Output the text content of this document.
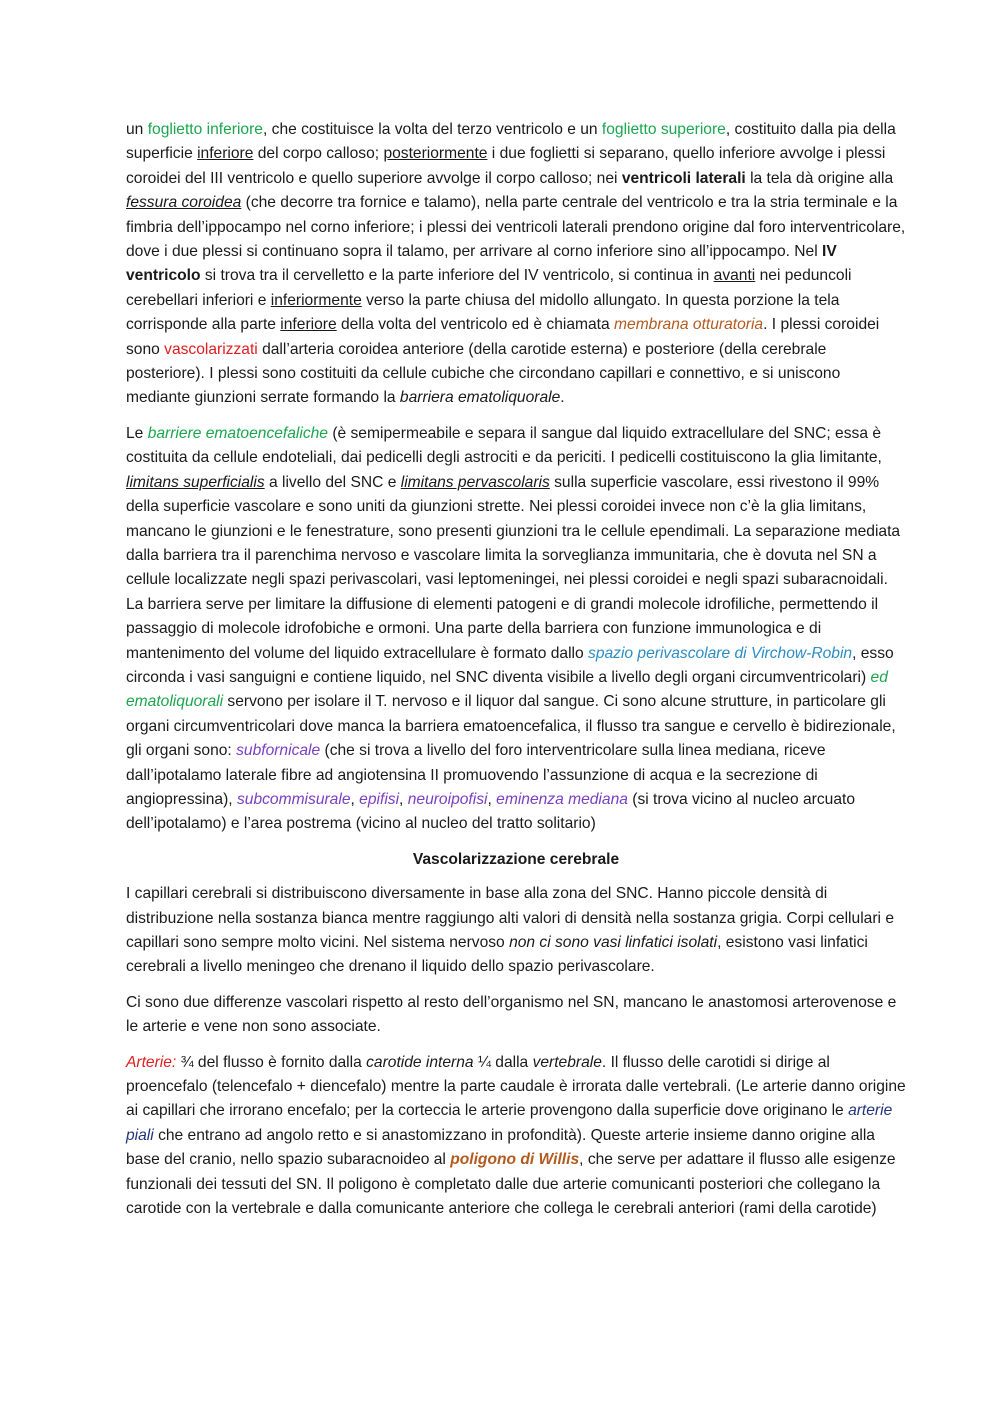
un foglietto inferiore, che costituisce la volta del terzo ventricolo e un foglietto superiore, costituito dalla pia della superficie inferiore del corpo calloso; posteriormente i due foglietti si separano, quello inferiore avvolge i plessi coroidei del III ventricolo e quello superiore avvolge il corpo calloso; nei ventricoli laterali la tela dà origine alla fessura coroidea (che decorre tra fornice e talamo), nella parte centrale del ventricolo e tra la stria terminale e la fimbria dell’ippocampo nel corno inferiore; i plessi dei ventricoli laterali prendono origine dal foro interventricolare, dove i due plessi si continuano sopra il talamo, per arrivare al corno inferiore sino all’ippocampo. Nel IV ventricolo si trova tra il cervelletto e la parte inferiore del IV ventricolo, si continua in avanti nei peduncoli cerebellari inferiori e inferiormente verso la parte chiusa del midollo allungato. In questa porzione la tela corrisponde alla parte inferiore della volta del ventricolo ed è chiamata membrana otturatoria. I plessi coroidei sono vascolarizzati dall’arteria coroidea anteriore (della carotide esterna) e posteriore (della cerebrale posteriore). I plessi sono costituiti da cellule cubiche che circondano capillari e connettivo, e si uniscono mediante giunzioni serrate formando la barriera ematoliquorale.

Le barriere ematoencefaliche (è semipermeabile e separa il sangue dal liquido extracellulare del SNC; essa è costituita da cellule endoteliali, dai pedicelli degli astrociti e da periciti. I pedicelli costituiscono la glia limitante, limitans superficialis a livello del SNC e limitans pervascolaris sulla superficie vascolare, essi rivestono il 99% della superficie vascolare e sono uniti da giunzioni strette. Nei plessi coroidei invece non c’è la glia limitans, mancano le giunzioni e le fenestrature, sono presenti giunzioni tra le cellule ependimali. La separazione mediata dalla barriera tra il parenchima nervoso e vascolare limita la sorveglianza immunitaria, che è dovuta nel SN a cellule localizzate negli spazi perivascolari, vasi leptomeningei, nei plessi coroidei e negli spazi subaracnoidali. La barriera serve per limitare la diffusione di elementi patogeni e di grandi molecole idrofiliche, permettendo il passaggio di molecole idrofobiche e ormoni. Una parte della barriera con funzione immunologica e di mantenimento del volume del liquido extracellulare è formato dallo spazio perivascolare di Virchow-Robin, esso circonda i vasi sanguigni e contiene liquido, nel SNC diventa visibile a livello degli organi circumventricolari) ed ematoliquorali servono per isolare il T. nervoso e il liquor dal sangue. Ci sono alcune strutture, in particolare gli organi circumventricolari dove manca la barriera ematoencefalica, il flusso tra sangue e cervello è bidirezionale, gli organi sono: subfornicale (che si trova a livello del foro interventricolare sulla linea mediana, riceve dall’ipotalamo laterale fibre ad angiotensina II promuovendo l’assunzione di acqua e la secrezione di angiopressina), subcommisurale, epifisi, neuroipofisi, eminenza mediana (si trova vicino al nucleo arcuato dell’ipotalamo) e l’area postrema (vicino al nucleo del tratto solitario)

Vascolarizzazione cerebrale

I capillari cerebrali si distribuiscono diversamente in base alla zona del SNC. Hanno piccole densità di distribuzione nella sostanza bianca mentre raggiungo alti valori di densità nella sostanza grigia. Corpi cellulari e capillari sono sempre molto vicini. Nel sistema nervoso non ci sono vasi linfatici isolati, esistono vasi linfatici cerebrali a livello meningeo che drenano il liquido dello spazio perivascolare.

Ci sono due differenze vascolari rispetto al resto dell’organismo nel SN, mancano le anastomosi arterovenose e le arterie e vene non sono associate.

Arterie: ¾ del flusso è fornito dalla carotide interna ¼ dalla vertebrale. Il flusso delle carotidi si dirige al proencefalo (telencefalo + diencefalo) mentre la parte caudale è irrorata dalle vertebrali. (Le arterie danno origine ai capillari che irrorano encefalo; per la corteccia le arterie provengono dalla superficie dove originano le arterie piali che entrano ad angolo retto e si anastomizzano in profondità). Queste arterie insieme danno origine alla base del cranio, nello spazio subaracnoideo al poligono di Willis, che serve per adattare il flusso alle esigenze funzionali dei tessuti del SN. Il poligono è completato dalle due arterie comunicanti posteriori che collegano la carotide con la vertebrale e dalla comunicante anteriore che collega le cerebrali anteriori (rami della carotide)
